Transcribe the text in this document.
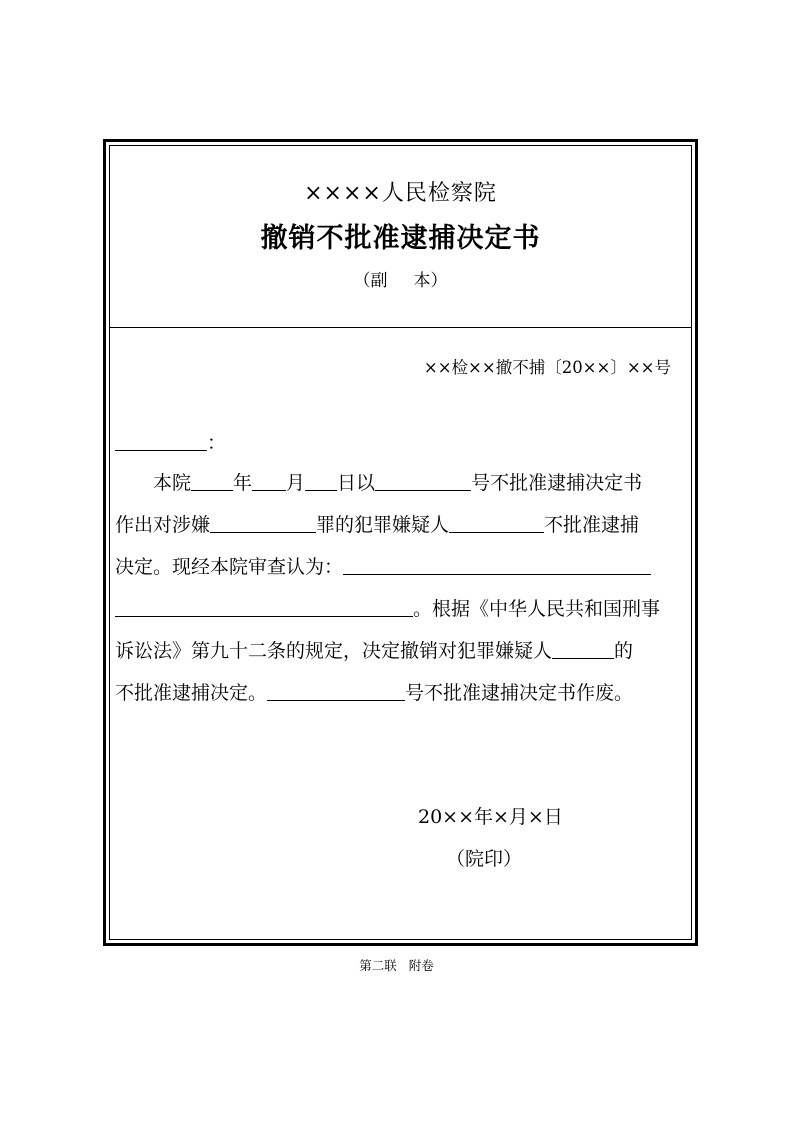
××××人民检察院
撤销不批准逮捕决定书
（副 本）
××检××撤不捕〔20××〕××号
：
本院 年 月 日以	号不批准逮捕决定书
作出对涉嫌	罪的犯罪嫌疑人	不批准逮捕
决定。现经本院审查认为：
。根据《中华人民共和国刑事
诉讼法》第九十二条的规定，决定撤销对犯罪嫌疑人	的
不批准逮捕决定。	号不批准逮捕决定书作废。
20××年×月×日
（院印）
第二联 附卷
